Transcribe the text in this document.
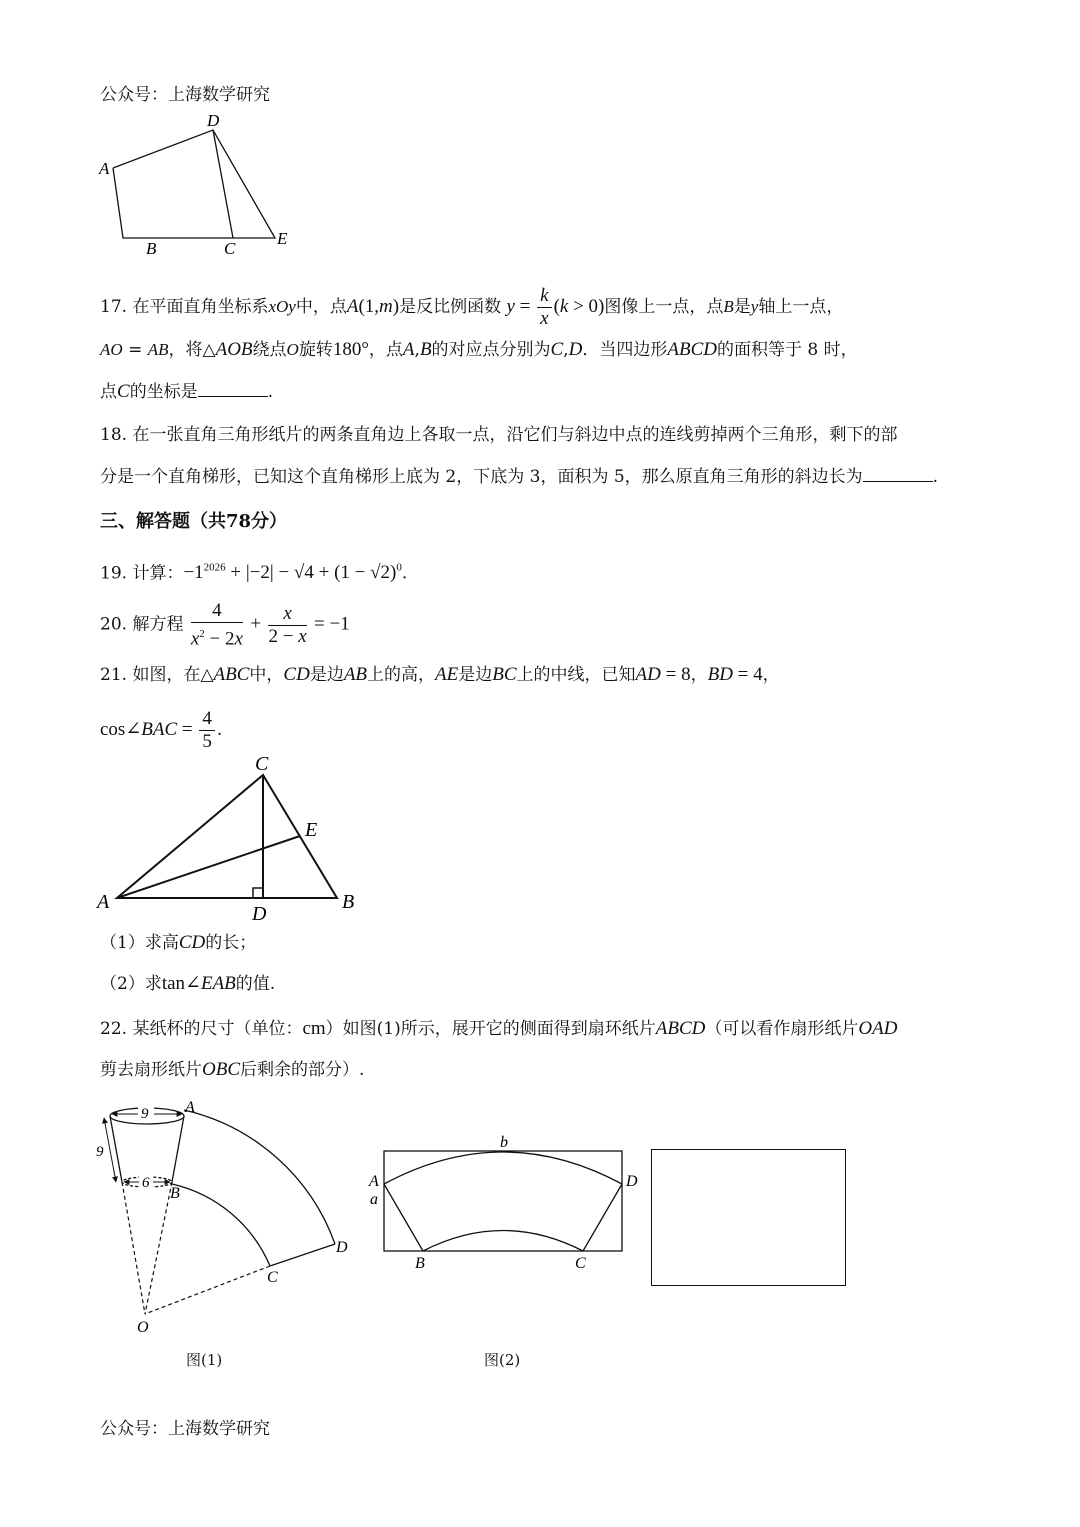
公众号：上海数学研究
A
D
B	C
E
17. 在平面直角坐标系xOy中，点A(1,m)是反比例函数 $y = \frac{k}{x} (k > 0)$图像上一点，点B是y轴上一点，
AO = AB，将△AOB绕点O旋转180°，点A,B的对应点分别为C,D．当四边形ABCD的面积等于 8 时，
点C的坐标是	.
18. 在一张直角三角形纸片的两条直角边上各取一点，沿它们与斜边中点的连线剪掉两个三角形，剩下的部
分是一个直角梯形，已知这个直角梯形上底为 2，下底为 3，面积为 5，那么原直角三角形的斜边长为	.
三、解答题（共78分）
19. 计算：$-1^{2026} + |-2| - √4 + (1 - √2)^0$.
20. 解方程 $\frac{4}{x^2 - 2x} + \frac{x}{2 - x} = -1$
21. 如图，在△ABC中，CD是边AB上的高，AE是边BC上的中线，已知AD = 8，BD = 4，
cos∠BAC = $\frac{4}{5}$ .
C
E
A	B
D
（1）求高CD的长；
（2）求tan∠EAB的值.
22. 某纸杯的尺寸（单位：cm）如图(1)所示，展开它的侧面得到扇环纸片ABCD（可以看作扇形纸片OAD
剪去扇形纸片OBC后剩余的部分）.
9
9
6
A
B
C
D
O
b
A
a
D
B	C
图(1)	图(2)
公众号：上海数学研究
